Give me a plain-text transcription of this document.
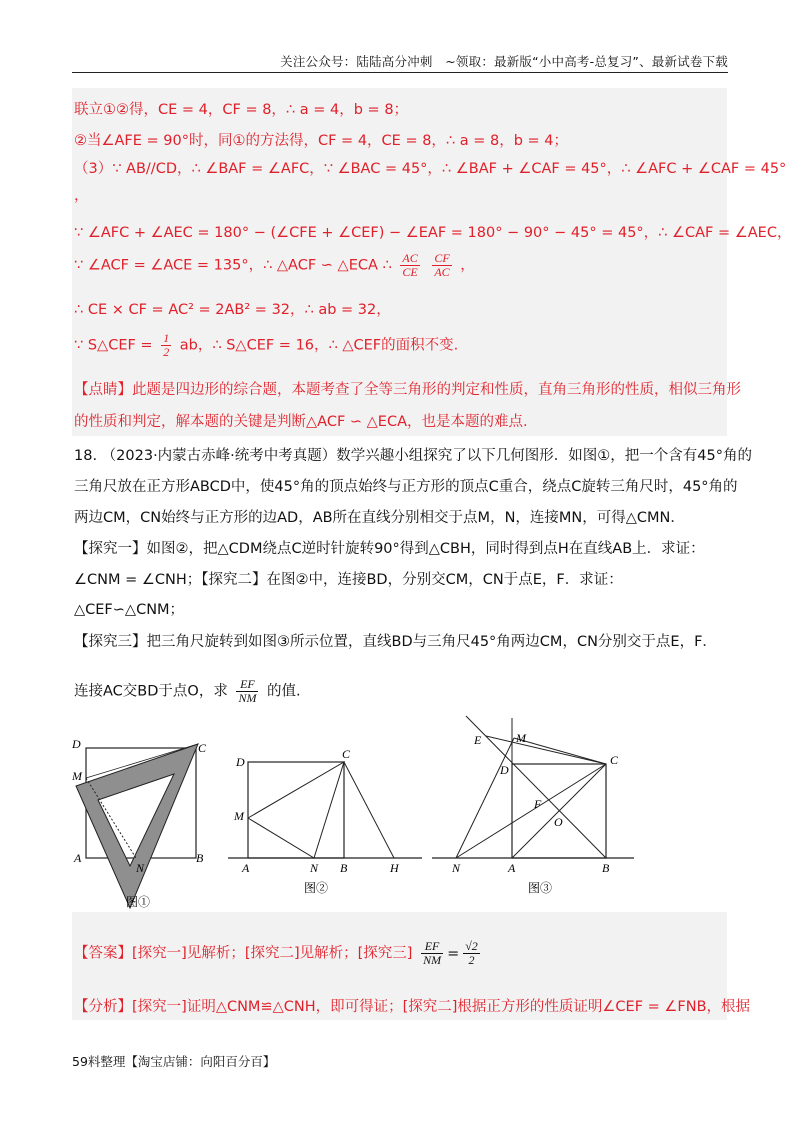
关注公众号：陆陆高分冲刺　~领取：最新版“小中高考-总复习”、最新试卷下载
联立①②得，CE = 4，CF = 8，∴ a = 4，b = 8；
②当∠AFE = 90°时，同①的方法得，CF = 4，CE = 8，∴ a = 8，b = 4；
（3）∵ AB//CD，∴ ∠BAF = ∠AFC，∵ ∠BAC = 45°，∴ ∠BAF + ∠CAF = 45°，∴ ∠AFC + ∠CAF = 45°
，
∵ ∠AFC + ∠AEC = 180° − (∠CFE + ∠CEF) − ∠EAF = 180° − 90° − 45° = 45°，∴ ∠CAF = ∠AEC，
∵ ∠ACF = ∠ACE = 135°，∴ △ACF ∽ △ECA ∴ $\frac{AC}{CE}$
$\frac{CF}{AC}$ ，
∴ CE × CF = AC² = 2AB² = 32，∴ ab = 32，
∵ S△CEF = $\frac{1}{2}$ ab，∴ S△CEF = 16，∴ △CEF的面积不变.
【点睛】此题是四边形的综合题，本题考查了全等三角形的判定和性质，直角三角形的性质，相似三角形
的性质和判定，解本题的关键是判断△ACF ∽ △ECA，也是本题的难点.
18. （2023·内蒙古赤峰·统考中考真题）数学兴趣小组探究了以下几何图形．如图①，把一个含有45°角的
三角尺放在正方形ABCD中，使45°角的顶点始终与正方形的顶点C重合，绕点C旋转三角尺时，45°角的
两边CM，CN始终与正方形的边AD，AB所在直线分别相交于点M，N，连接MN，可得△CMN．
【探究一】如图②，把△CDM绕点C逆时针旋转90°得到△CBH，同时得到点H在直线AB上．求证：
∠CNM = ∠CNH；【探究二】在图②中，连接BD，分别交CM，CN于点E，F．求证：
△CEF∽△CNM；
【探究三】把三角尺旋转到如图③所示位置，直线BD与三角尺45°角两边CM，CN分别交于点E，F．
连接AC交BD于点O，求 $\frac{EF}{NM}$ 的值.
D	C
M
A
N
B
图①
D
C
M
A	N B	H
图②
E	M
D
C
F
O
N	A	B
图③
【答案】[探究一]见解析；[探究二]见解析；[探究三] $\frac{EF}{NM} = \frac{√2}{2}$
【分析】[探究一]证明△CNM≌△CNH，即可得证；[探究二]根据正方形的性质证明∠CEF = ∠FNB，根据
59料整理【淘宝店铺：向阳百分百】
